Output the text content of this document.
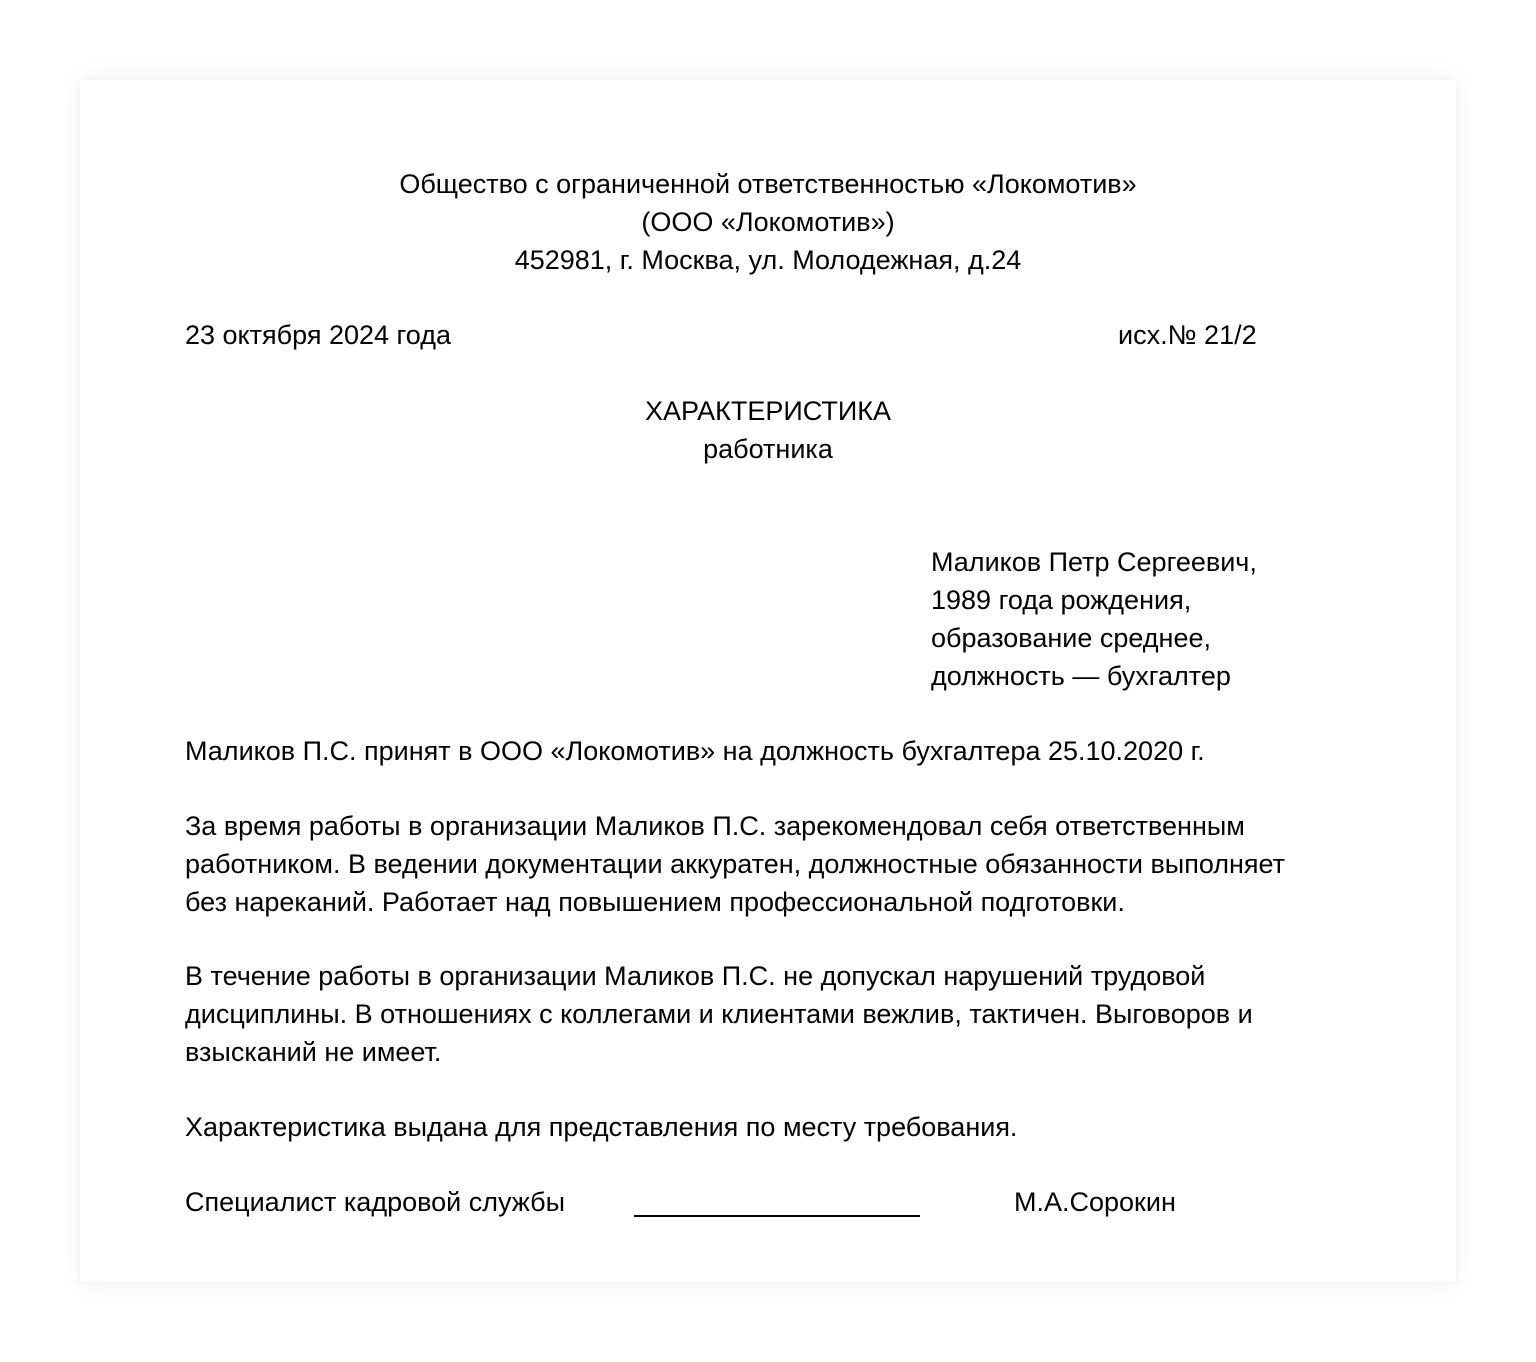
Общество с ограниченной ответственностью «Локомотив»
(ООО «Локомотив»)
452981, г. Москва, ул. Молодежная, д.24
23 октября 2024 года	исх.№ 21/2
ХАРАКТЕРИСТИКА
работника
Маликов Петр Сергеевич,
1989 года рождения,
образование среднее,
должность — бухгалтер
Маликов П.С. принят в ООО «Локомотив» на должность бухгалтера 25.10.2020 г.
За время работы в организации Маликов П.С. зарекомендовал себя ответственным
работником. В ведении документации аккуратен, должностные обязанности выполняет
без нареканий. Работает над повышением профессиональной подготовки.
В течение работы в организации Маликов П.С. не допускал нарушений трудовой
дисциплины. В отношениях с коллегами и клиентами вежлив, тактичен. Выговоров и
взысканий не имеет.
Характеристика выдана для представления по месту требования.
Специалист кадровой службы	М.А.Сорокин
